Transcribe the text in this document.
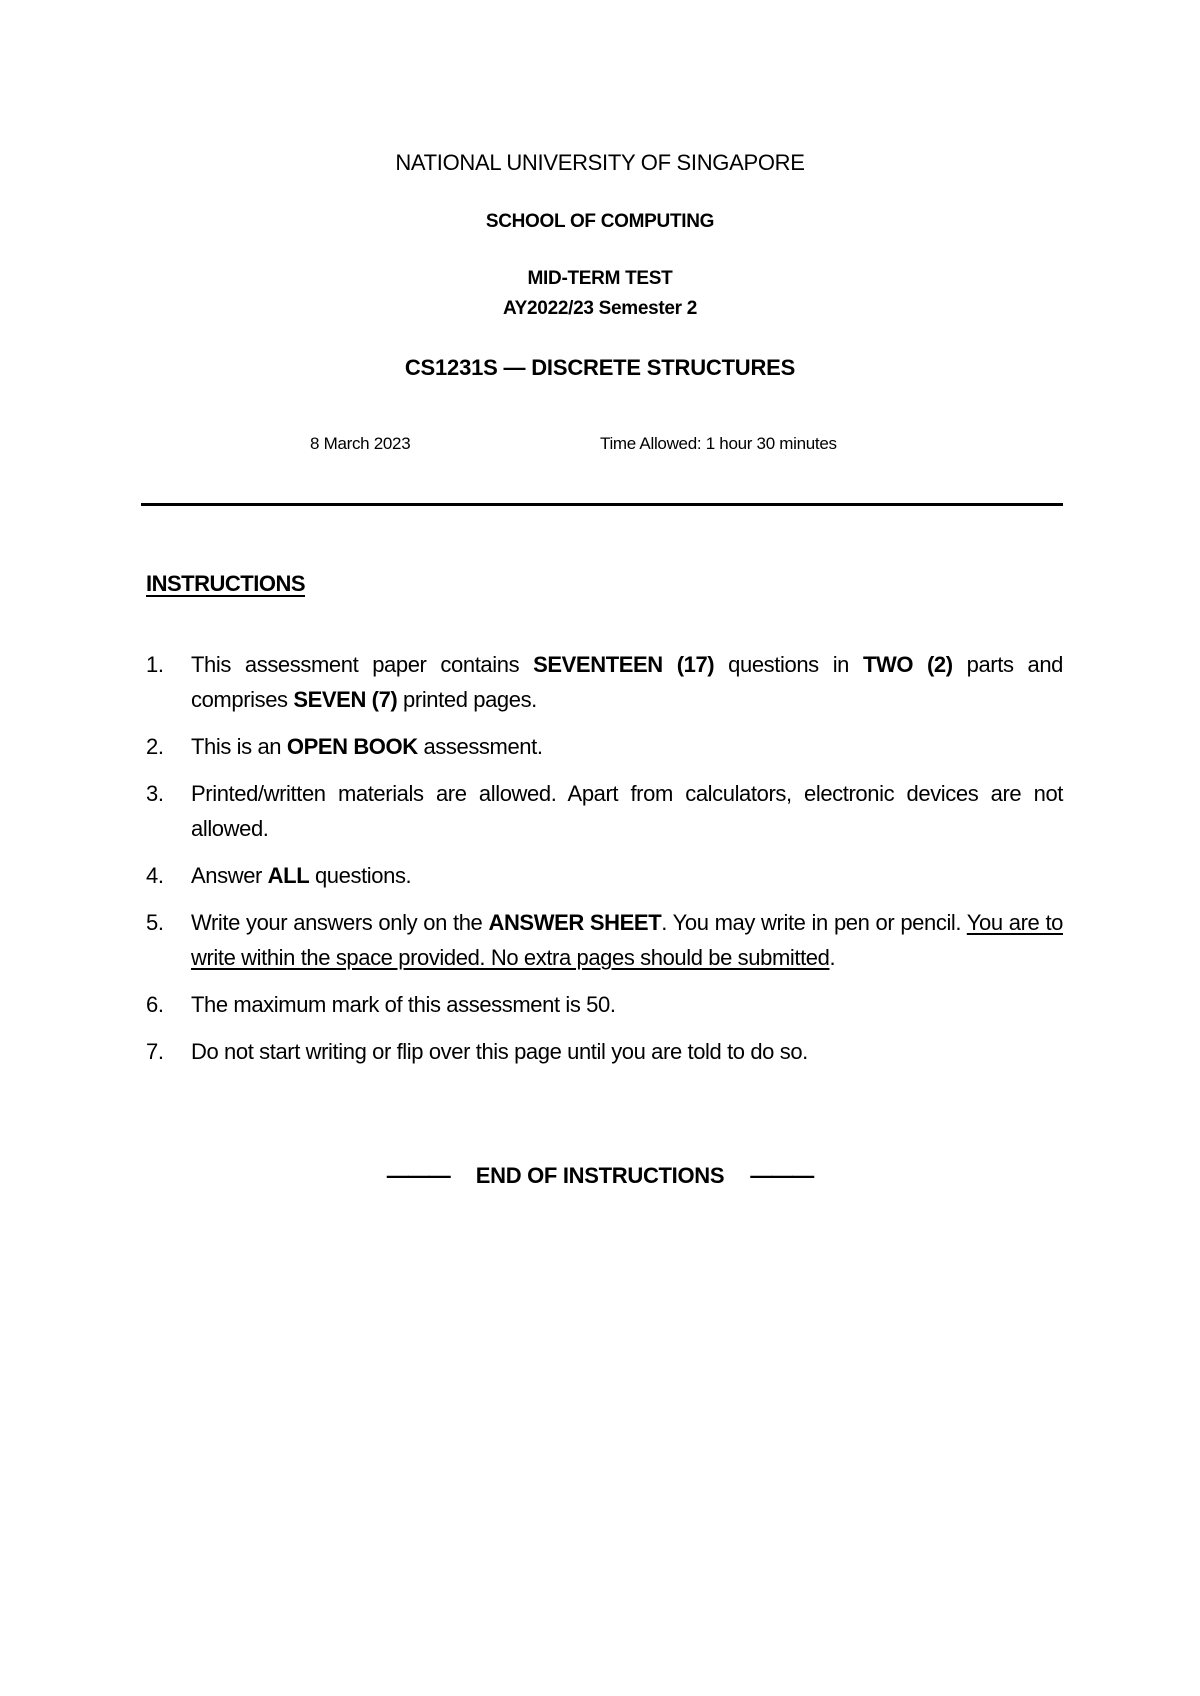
NATIONAL UNIVERSITY OF SINGAPORE
SCHOOL OF COMPUTING
MID-TERM TEST
AY2022/23 Semester 2
CS1231S — DISCRETE STRUCTURES
8 March 2023	Time Allowed: 1 hour 30 minutes
INSTRUCTIONS
1. This assessment paper contains SEVENTEEN (17) questions in TWO (2) parts and comprises SEVEN (7) printed pages.
2. This is an OPEN BOOK assessment.
3. Printed/written materials are allowed. Apart from calculators, electronic devices are not allowed.
4. Answer ALL questions.
5. Write your answers only on the ANSWER SHEET. You may write in pen or pencil. You are to write within the space provided. No extra pages should be submitted.
6. The maximum mark of this assessment is 50.
7. Do not start writing or flip over this page until you are told to do so.
——— END OF INSTRUCTIONS ———
